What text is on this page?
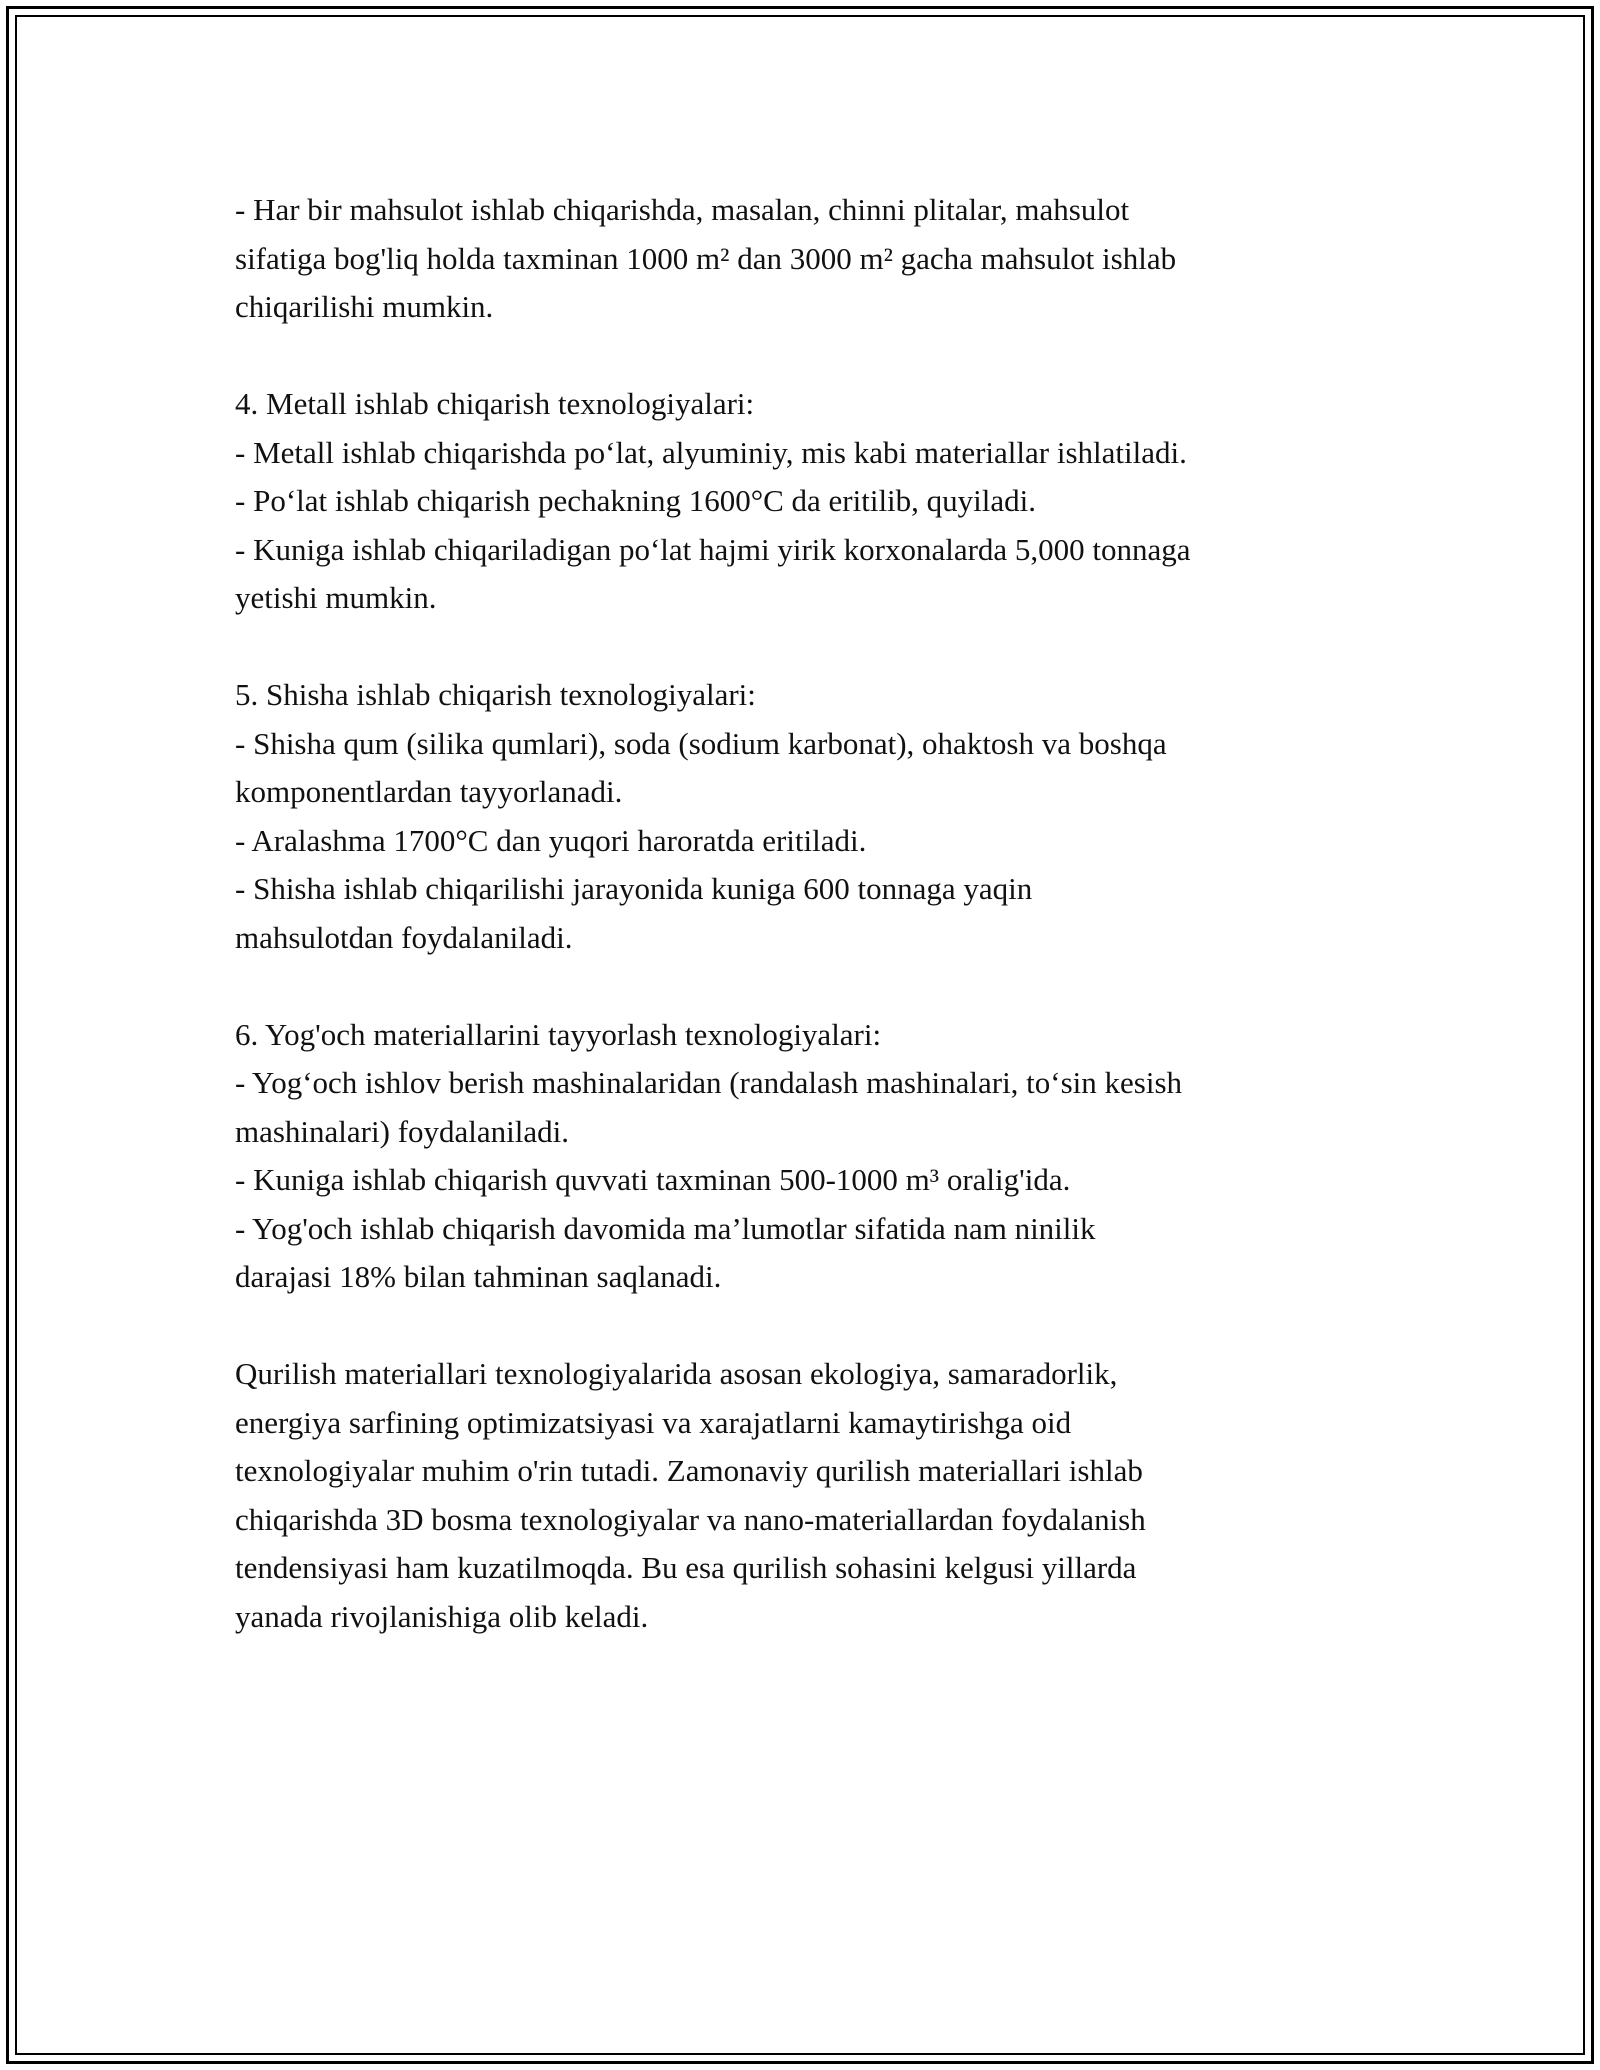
- Har bir mahsulot ishlab chiqarishda, masalan, chinni plitalar, mahsulot
sifatiga bog'liq holda taxminan 1000 m² dan 3000 m² gacha mahsulot ishlab
chiqarilishi mumkin.
4. Metall ishlab chiqarish texnologiyalari:
- Metall ishlab chiqarishda po‘lat, alyuminiy, mis kabi materiallar ishlatiladi.
- Po‘lat ishlab chiqarish pechakning 1600°C da eritilib, quyiladi.
- Kuniga ishlab chiqariladigan po‘lat hajmi yirik korxonalarda 5,000 tonnaga
yetishi mumkin.
5. Shisha ishlab chiqarish texnologiyalari:
- Shisha qum (silika qumlari), soda (sodium karbonat), ohaktosh va boshqa
komponentlardan tayyorlanadi.
- Aralashma 1700°C dan yuqori haroratda eritiladi.
- Shisha ishlab chiqarilishi jarayonida kuniga 600 tonnaga yaqin
mahsulotdan foydalaniladi.
6. Yog'och materiallarini tayyorlash texnologiyalari:
- Yog‘och ishlov berish mashinalaridan (randalash mashinalari, to‘sin kesish
mashinalari) foydalaniladi.
- Kuniga ishlab chiqarish quvvati taxminan 500-1000 m³ oralig'ida.
- Yog'och ishlab chiqarish davomida ma’lumotlar sifatida nam ninilik
darajasi 18% bilan tahminan saqlanadi.
Qurilish materiallari texnologiyalarida asosan ekologiya, samaradorlik,
energiya sarfining optimizatsiyasi va xarajatlarni kamaytirishga oid
texnologiyalar muhim o'rin tutadi. Zamonaviy qurilish materiallari ishlab
chiqarishda 3D bosma texnologiyalar va nano-materiallardan foydalanish
tendensiyasi ham kuzatilmoqda. Bu esa qurilish sohasini kelgusi yillarda
yanada rivojlanishiga olib keladi.
